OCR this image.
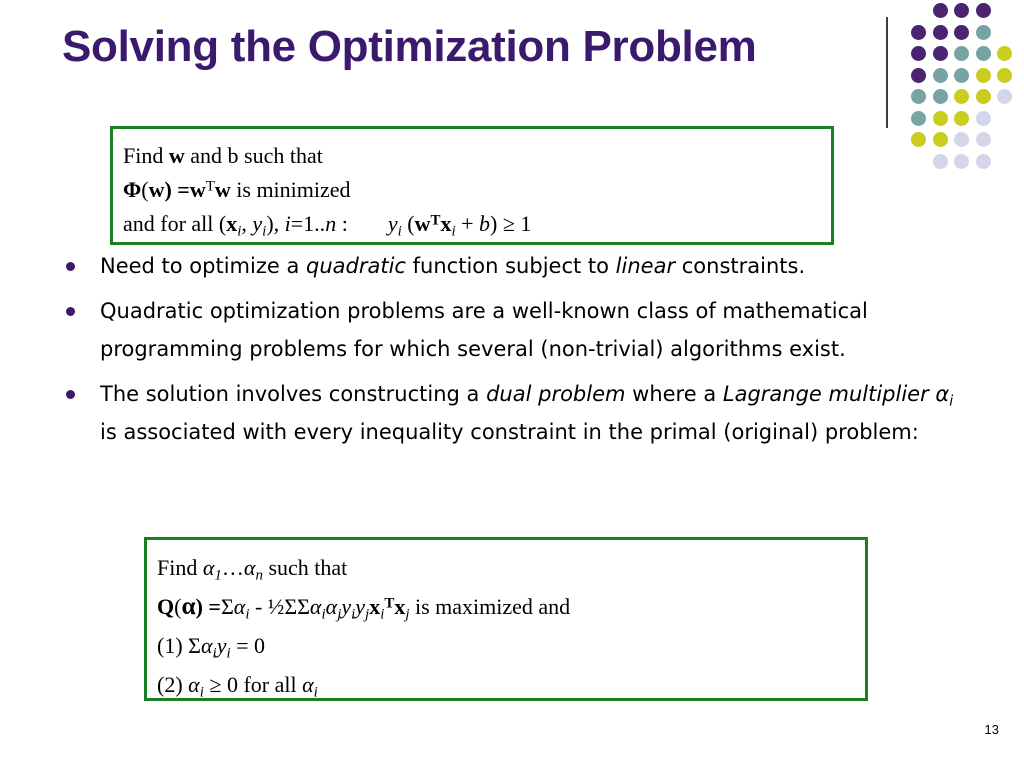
Solving the Optimization Problem
Find w and b such that
$\Phi(w) =w^Tw$ is minimized
and for all ($x_i$, $y_i$), i=1..n : $y_i$ $(w^Tx_i + b) \ge 1$
Need to optimize a quadratic function subject to linear constraints.
Quadratic optimization problems are a well-known class of mathematical programming problems for which several (non-trivial) algorithms exist.
The solution involves constructing a dual problem where a Lagrange multiplier $\alpha_i$ is associated with every inequality constraint in the primal (original) problem:
Find $\alpha_1\dots\alpha_n$ such that
$Q(\alpha) =\Sigma\alpha_i$ - $\frac{1}{2}\Sigma\Sigma\alpha_i\alpha_jy_iy_jx_i^Tx_j$ is maximized and
(1) $\Sigma\alpha_iy_i = 0$
(2) $\alpha_i \ge 0$ for all $\alpha_i$
13
